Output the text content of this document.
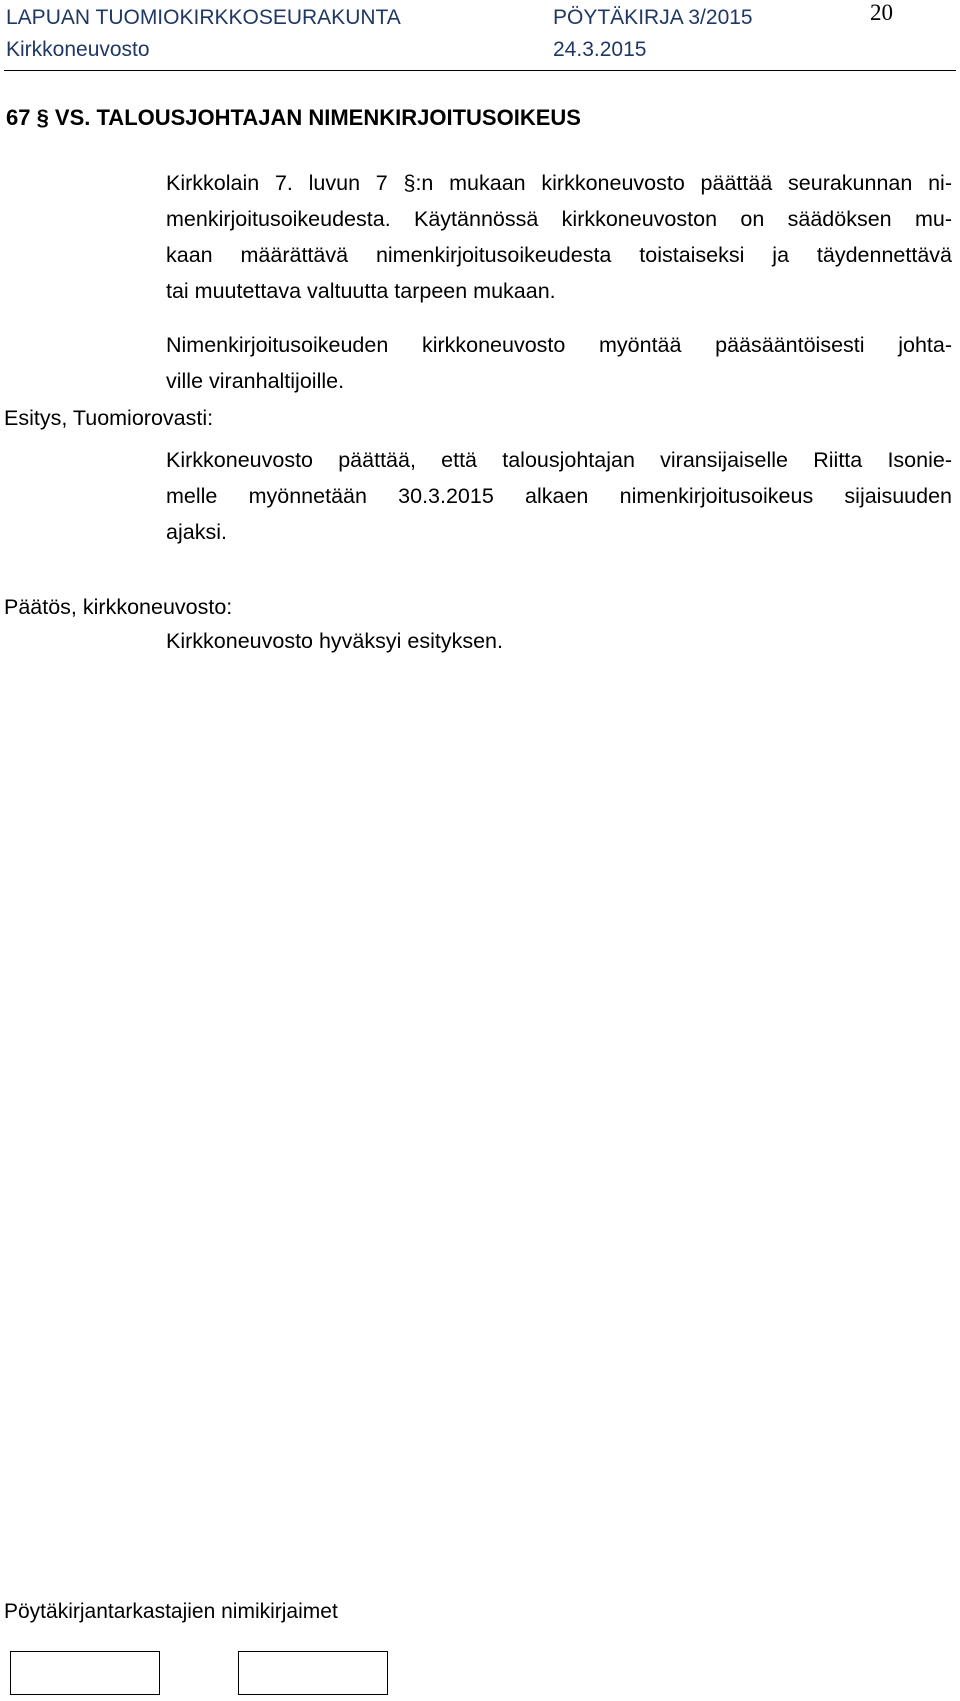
LAPUAN TUOMIOKIRKKOSEURAKUNTA	PÖYTÄKIRJA 3/2015	20
Kirkkoneuvosto	24.3.2015
67 § VS. TALOUSJOHTAJAN NIMENKIRJOITUSOIKEUS
Kirkkolain 7. luvun 7 §:n mukaan kirkkoneuvosto päättää seurakunnan ni-
menkirjoitusoikeudesta. Käytännössä kirkkoneuvoston on säädöksen mu-
kaan määrättävä nimenkirjoitusoikeudesta toistaiseksi ja täydennettävä
tai muutettava valtuutta tarpeen mukaan.
Nimenkirjoitusoikeuden kirkkoneuvosto myöntää pääsääntöisesti johta-
ville viranhaltijoille.
Esitys, Tuomiorovasti:
Kirkkoneuvosto päättää, että talousjohtajan viransijaiselle Riitta Isonie-
melle myönnetään 30.3.2015 alkaen nimenkirjoitusoikeus sijaisuuden
ajaksi.
Päätös, kirkkoneuvosto:
Kirkkoneuvosto hyväksyi esityksen.
Pöytäkirjantarkastajien nimikirjaimet
